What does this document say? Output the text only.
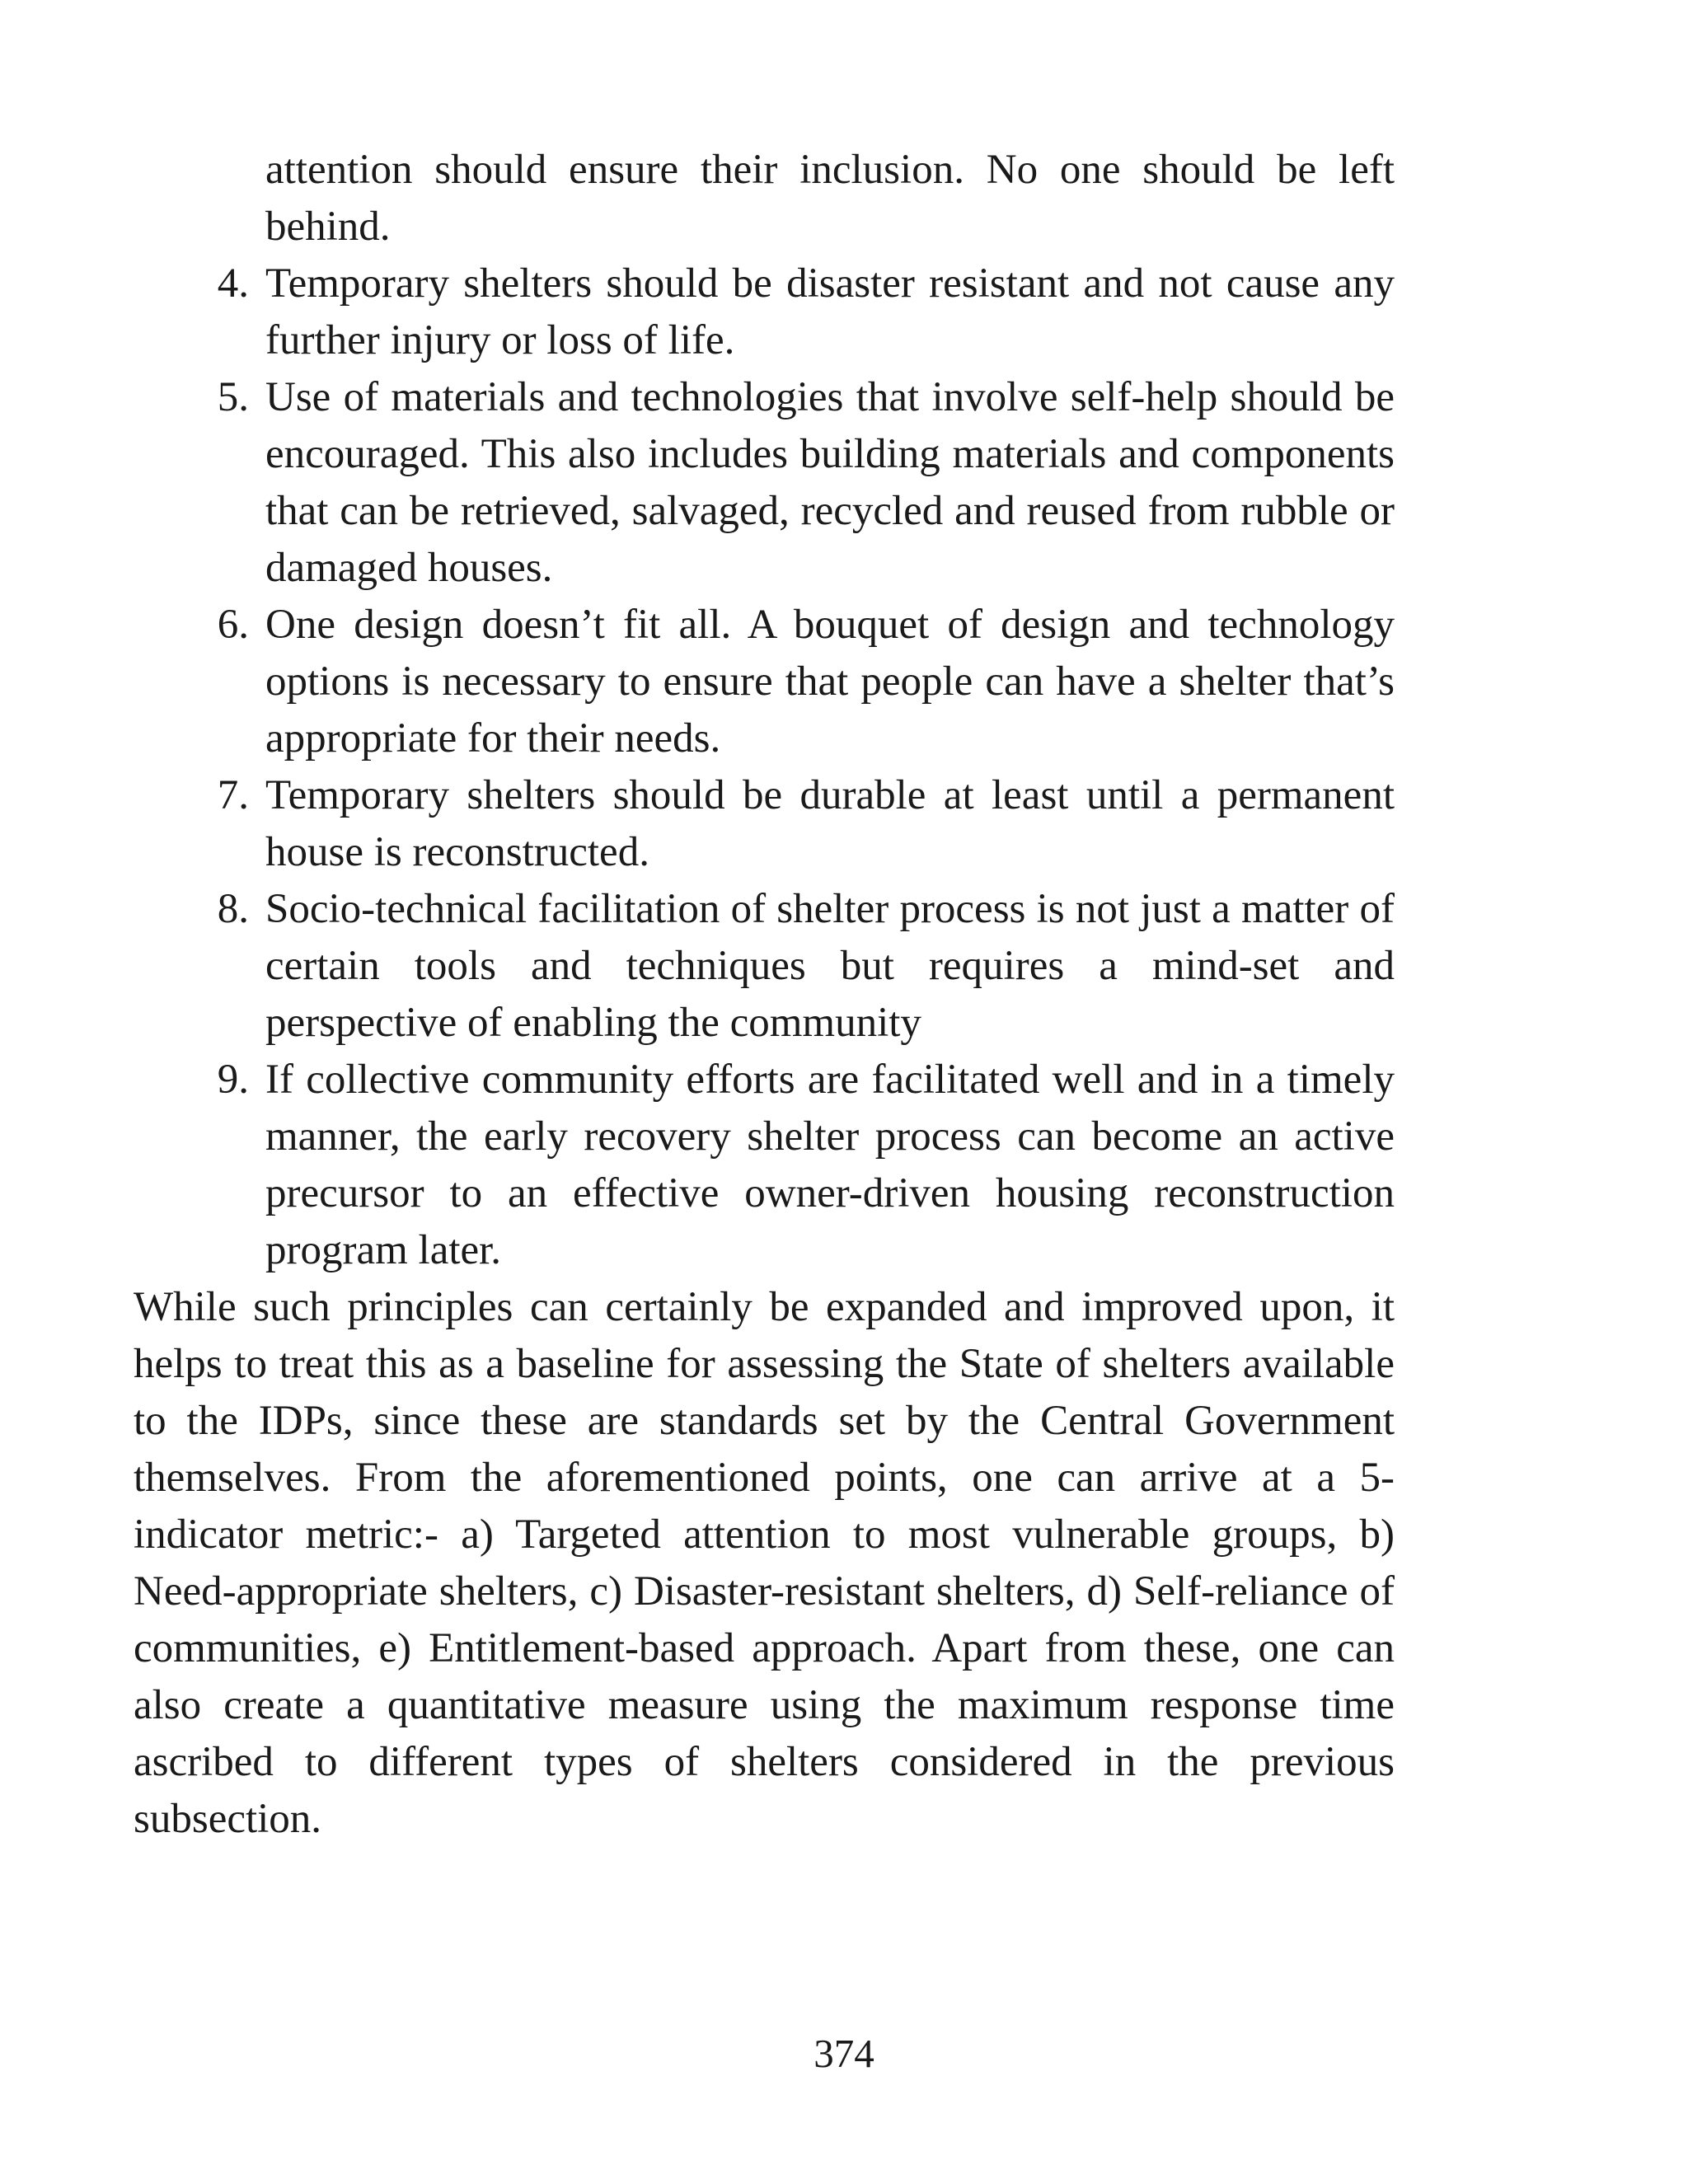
attention should ensure their inclusion. No one should be left behind.
4. Temporary shelters should be disaster resistant and not cause any further injury or loss of life.
5. Use of materials and technologies that involve self-help should be encouraged. This also includes building materials and components that can be retrieved, salvaged, recycled and reused from rubble or damaged houses.
6. One design doesn’t fit all. A bouquet of design and technology options is necessary to ensure that people can have a shelter that’s appropriate for their needs.
7. Temporary shelters should be durable at least until a permanent house is reconstructed.
8. Socio-technical facilitation of shelter process is not just a matter of certain tools and techniques but requires a mind-set and perspective of enabling the community
9. If collective community efforts are facilitated well and in a timely manner, the early recovery shelter process can become an active precursor to an effective owner-driven housing reconstruction program later.

While such principles can certainly be expanded and improved upon, it helps to treat this as a baseline for assessing the State of shelters available to the IDPs, since these are standards set by the Central Government themselves. From the aforementioned points, one can arrive at a 5-indicator metric:- a) Targeted attention to most vulnerable groups, b) Need-appropriate shelters, c) Disaster-resistant shelters, d) Self-reliance of communities, e) Entitlement-based approach. Apart from these, one can also create a quantitative measure using the maximum response time ascribed to different types of shelters considered in the previous subsection.

374
